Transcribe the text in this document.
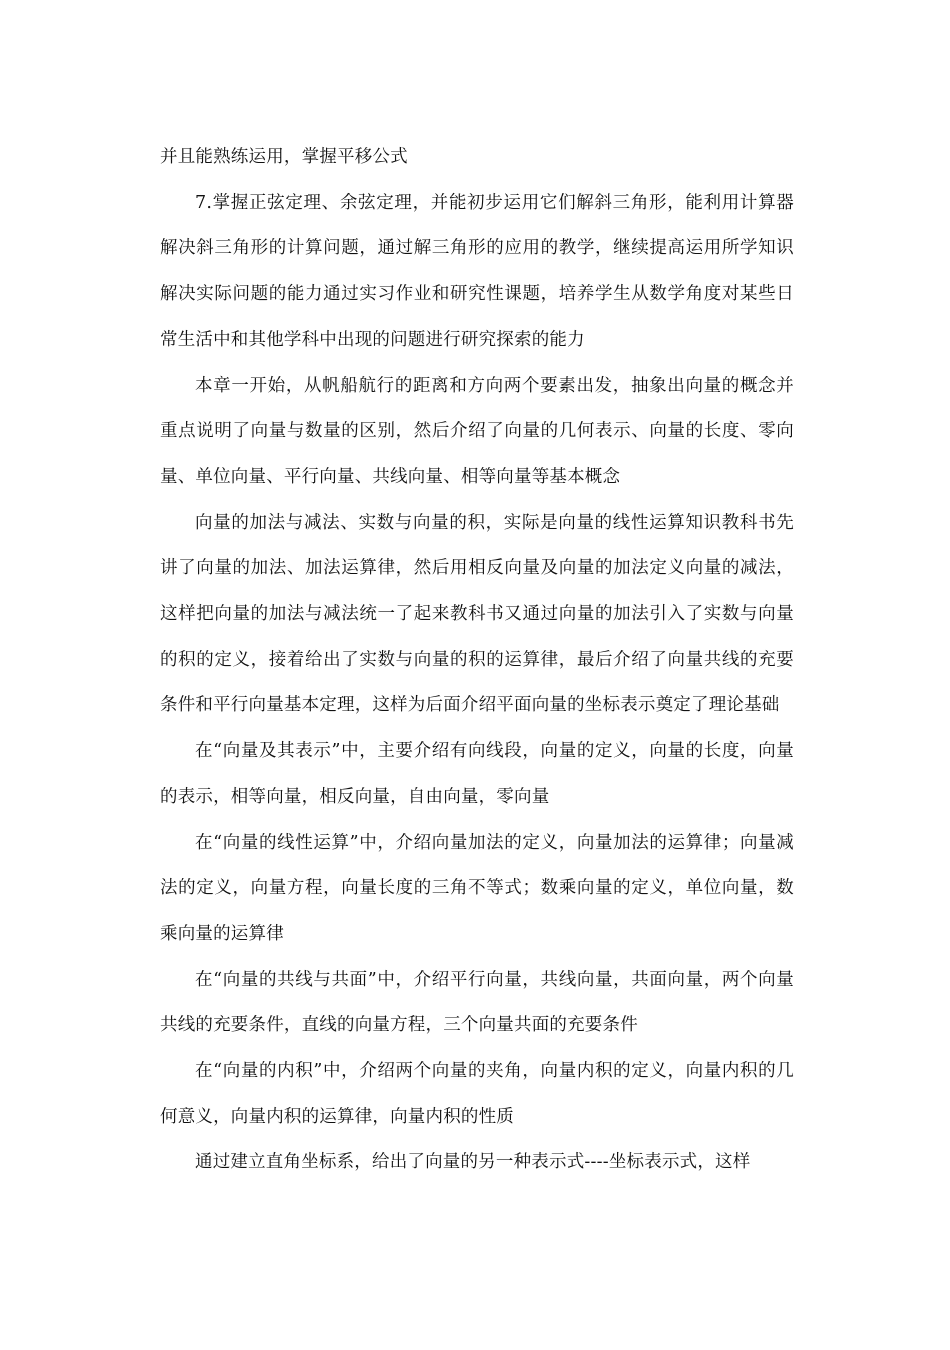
并且能熟练运用，掌握平移公式

7.掌握正弦定理、余弦定理，并能初步运用它们解斜三角形，能利用计算器解决斜三角形的计算问题，通过解三角形的应用的教学，继续提高运用所学知识解决实际问题的能力通过实习作业和研究性课题，培养学生从数学角度对某些日常生活中和其他学科中出现的问题进行研究探索的能力

本章一开始，从帆船航行的距离和方向两个要素出发，抽象出向量的概念并重点说明了向量与数量的区别，然后介绍了向量的几何表示、向量的长度、零向量、单位向量、平行向量、共线向量、相等向量等基本概念

向量的加法与减法、实数与向量的积，实际是向量的线性运算知识教科书先讲了向量的加法、加法运算律，然后用相反向量及向量的加法定义向量的减法，这样把向量的加法与减法统一了起来教科书又通过向量的加法引入了实数与向量的积的定义，接着给出了实数与向量的积的运算律，最后介绍了向量共线的充要条件和平行向量基本定理，这样为后面介绍平面向量的坐标表示奠定了理论基础

在“向量及其表示”中，主要介绍有向线段，向量的定义，向量的长度，向量的表示，相等向量，相反向量，自由向量，零向量

在“向量的线性运算”中，介绍向量加法的定义，向量加法的运算律；向量减法的定义，向量方程，向量长度的三角不等式；数乘向量的定义，单位向量，数乘向量的运算律

在“向量的共线与共面”中，介绍平行向量，共线向量，共面向量，两个向量共线的充要条件，直线的向量方程，三个向量共面的充要条件

在“向量的内积”中，介绍两个向量的夹角，向量内积的定义，向量内积的几何意义，向量内积的运算律，向量内积的性质

通过建立直角坐标系，给出了向量的另一种表示式----坐标表示式，这样
